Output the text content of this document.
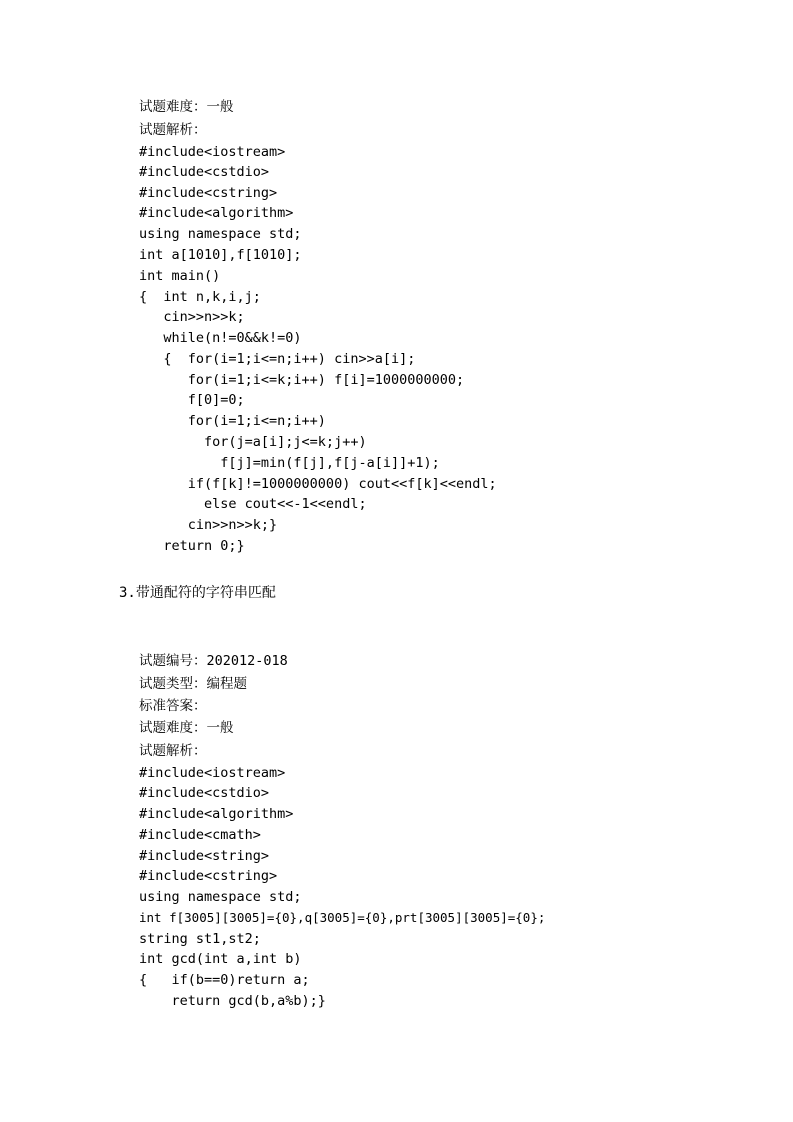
试题难度：一般
试题解析：
#include<iostream>
#include<cstdio>
#include<cstring>
#include<algorithm>
using namespace std;
int a[1010],f[1010];
int main()
{  int n,k,i,j;
cin>>n>>k;
while(n!=0&&k!=0)
{  for(i=1;i<=n;i++) cin>>a[i];
for(i=1;i<=k;i++) f[i]=1000000000;
f[0]=0;
for(i=1;i<=n;i++)
for(j=a[i];j<=k;j++)
f[j]=min(f[j],f[j-a[i]]+1);
if(f[k]!=1000000000) cout<<f[k]<<endl;
else cout<<-1<<endl;
cin>>n>>k;}
return 0;}
3.带通配符的字符串匹配
试题编号：202012-018
试题类型：编程题
标准答案：
试题难度：一般
试题解析：
#include<iostream>
#include<cstdio>
#include<algorithm>
#include<cmath>
#include<string>
#include<cstring>
using namespace std;
int f[3005][3005]={0},q[3005]={0},prt[3005][3005]={0};
string st1,st2;
int gcd(int a,int b)
{   if(b==0)return a;
return gcd(b,a%b);}
